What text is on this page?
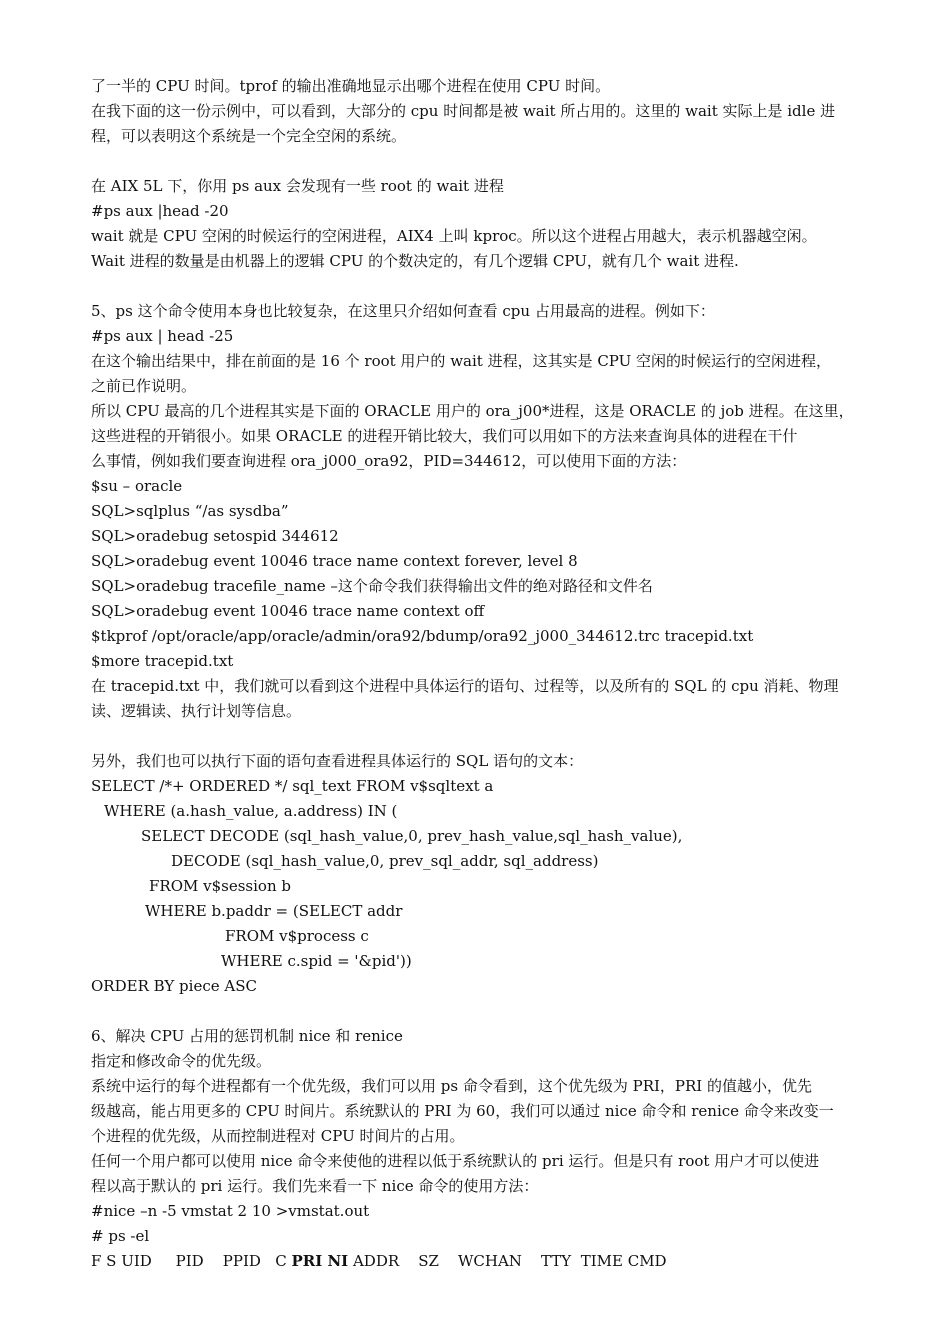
了一半的 CPU 时间。tprof 的输出准确地显示出哪个进程在使用 CPU 时间。
在我下面的这一份示例中，可以看到，大部分的 cpu 时间都是被 wait 所占用的。这里的 wait 实际上是 idle 进
程，可以表明这个系统是一个完全空闲的系统。
在 AIX 5L 下，你用 ps aux 会发现有一些 root 的 wait 进程
#ps aux |head -20
wait 就是 CPU 空闲的时候运行的空闲进程，AIX4 上叫 kproc。所以这个进程占用越大，表示机器越空闲。
Wait 进程的数量是由机器上的逻辑 CPU 的个数决定的，有几个逻辑 CPU，就有几个 wait 进程.
5、ps 这个命令使用本身也比较复杂，在这里只介绍如何查看 cpu 占用最高的进程。例如下：
#ps aux | head -25
在这个输出结果中，排在前面的是 16 个 root 用户的 wait 进程，这其实是 CPU 空闲的时候运行的空闲进程，
之前已作说明。
所以 CPU 最高的几个进程其实是下面的 ORACLE 用户的 ora_j00*进程，这是 ORACLE 的 job 进程。在这里，
这些进程的开销很小。如果 ORACLE 的进程开销比较大，我们可以用如下的方法来查询具体的进程在干什
么事情，例如我们要查询进程 ora_j000_ora92，PID=344612，可以使用下面的方法：
$su – oracle
SQL>sqlplus “/as sysdba”
SQL>oradebug setospid 344612
SQL>oradebug event 10046 trace name context forever, level 8
SQL>oradebug tracefile_name –这个命令我们获得输出文件的绝对路径和文件名
SQL>oradebug event 10046 trace name context off
$tkprof /opt/oracle/app/oracle/admin/ora92/bdump/ora92_j000_344612.trc tracepid.txt
$more tracepid.txt
在 tracepid.txt 中，我们就可以看到这个进程中具体运行的语句、过程等，以及所有的 SQL 的 cpu 消耗、物理
读、逻辑读、执行计划等信息。
另外，我们也可以执行下面的语句查看进程具体运行的 SQL 语句的文本：
SELECT /*+ ORDERED */ sql_text FROM v$sqltext a
WHERE (a.hash_value, a.address) IN (
SELECT DECODE (sql_hash_value,0, prev_hash_value,sql_hash_value),
DECODE (sql_hash_value,0, prev_sql_addr, sql_address)
FROM v$session b
WHERE b.paddr = (SELECT addr
FROM v$process c
WHERE c.spid = '&pid'))
ORDER BY piece ASC
6、解决 CPU 占用的惩罚机制 nice 和 renice
指定和修改命令的优先级。
系统中运行的每个进程都有一个优先级，我们可以用 ps 命令看到，这个优先级为 PRI，PRI 的值越小，优先
级越高，能占用更多的 CPU 时间片。系统默认的 PRI 为 60，我们可以通过 nice 命令和 renice 命令来改变一
个进程的优先级，从而控制进程对 CPU 时间片的占用。
任何一个用户都可以使用 nice 命令来使他的进程以低于系统默认的 pri 运行。但是只有 root 用户才可以使进
程以高于默认的 pri 运行。我们先来看一下 nice 命令的使用方法：
#nice –n -5 vmstat 2 10 >vmstat.out
# ps -el
F S UID     PID    PPID   C PRI NI ADDR    SZ    WCHAN    TTY  TIME CMD
